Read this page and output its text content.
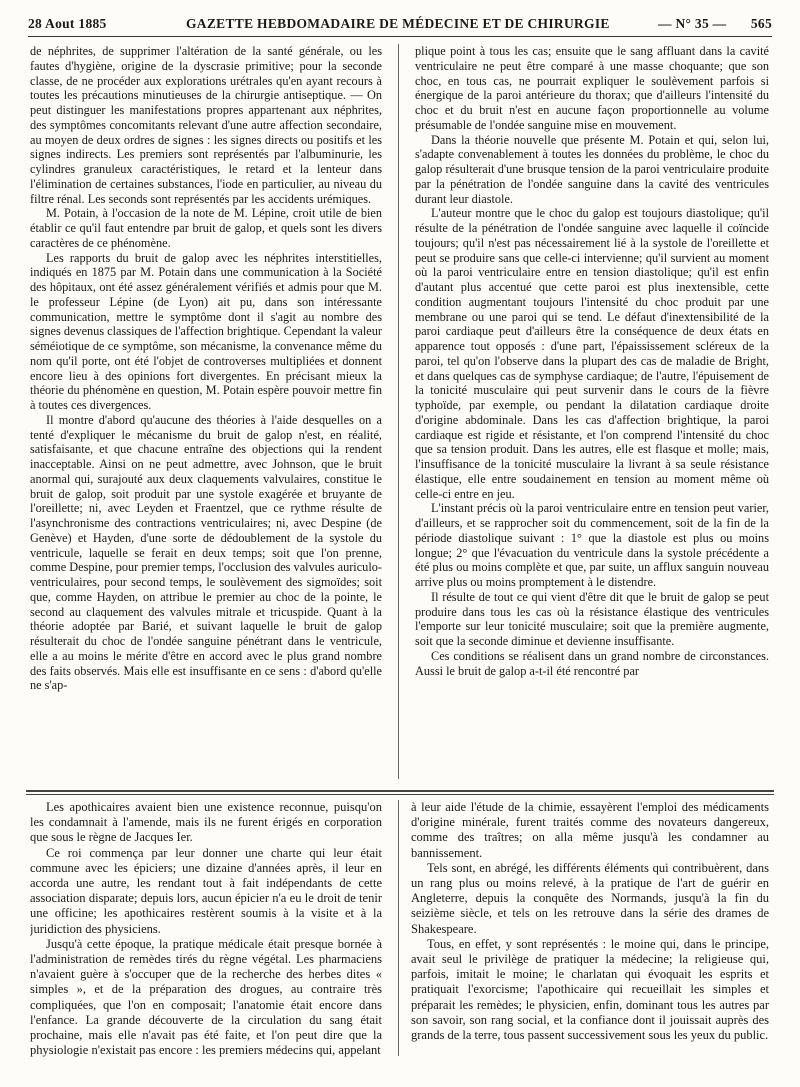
28 Aout 1885	GAZETTE HEBDOMADAIRE DE MÉDECINE ET DE CHIRURGIE	— N° 35 — 565

de néphrites, de supprimer l'altération de la santé générale, ou les fautes d'hygiène, origine de la dyscrasie primitive; pour la seconde classe, de ne procéder aux explorations urétrales qu'en ayant recours à toutes les précautions minutieuses de la chirurgie antiseptique. — On peut distinguer les manifestations propres appartenant aux néphrites, des symptômes concomitants relevant d'une autre affection secondaire, au moyen de deux ordres de signes : les signes directs ou positifs et les signes indirects. Les premiers sont représentés par l'albuminurie, les cylindres granuleux caractéristiques, le retard et la lenteur dans l'élimination de certaines substances, l'iode en particulier, au niveau du filtre rénal. Les seconds sont représentés par les accidents urémiques.

M. Potain, à l'occasion de la note de M. Lépine, croit utile de bien établir ce qu'il faut entendre par bruit de galop, et quels sont les divers caractères de ce phénomène.

Les rapports du bruit de galop avec les néphrites interstitielles, indiqués en 1875 par M. Potain dans une communication à la Société des hôpitaux, ont été assez généralement vérifiés et admis pour que M. le professeur Lépine (de Lyon) ait pu, dans son intéressante communication, mettre le symptôme dont il s'agit au nombre des signes devenus classiques de l'affection brightique. Cependant la valeur séméiotique de ce symptôme, son mécanisme, la convenance même du nom qu'il porte, ont été l'objet de controverses multipliées et donnent encore lieu à des opinions fort divergentes. En précisant mieux la théorie du phénomène en question, M. Potain espère pouvoir mettre fin à toutes ces divergences.

Il montre d'abord qu'aucune des théories à l'aide desquelles on a tenté d'expliquer le mécanisme du bruit de galop n'est, en réalité, satisfaisante, et que chacune entraîne des objections qui la rendent inacceptable. Ainsi on ne peut admettre, avec Johnson, que le bruit anormal qui, surajouté aux deux claquements valvulaires, constitue le bruit de galop, soit produit par une systole exagérée et bruyante de l'oreillette; ni, avec Leyden et Fraentzel, que ce rythme résulte de l'asynchronisme des contractions ventriculaires; ni, avec Despine (de Genève) et Hayden, d'une sorte de dédoublement de la systole du ventricule, laquelle se ferait en deux temps; soit que l'on prenne, comme Despine, pour premier temps, l'occlusion des valvules auriculo-ventriculaires, pour second temps, le soulèvement des sigmoïdes; soit que, comme Hayden, on attribue le premier au choc de la pointe, le second au claquement des valvules mitrale et tricuspide. Quant à la théorie adoptée par Barié, et suivant laquelle le bruit de galop résulterait du choc de l'ondée sanguine pénétrant dans le ventricule, elle a au moins le mérite d'être en accord avec le plus grand nombre des faits observés. Mais elle est insuffisante en ce sens : d'abord qu'elle ne s'ap-

plique point à tous les cas; ensuite que le sang affluant dans la cavité ventriculaire ne peut être comparé à une masse choquante; que son choc, en tous cas, ne pourrait expliquer le soulèvement parfois si énergique de la paroi antérieure du thorax; que d'ailleurs l'intensité du choc et du bruit n'est en aucune façon proportionnelle au volume présumable de l'ondée sanguine mise en mouvement.

Dans la théorie nouvelle que présente M. Potain et qui, selon lui, s'adapte convenablement à toutes les données du problème, le choc du galop résulterait d'une brusque tension de la paroi ventriculaire produite par la pénétration de l'ondée sanguine dans la cavité des ventricules durant leur diastole.

L'auteur montre que le choc du galop est toujours diastolique; qu'il résulte de la pénétration de l'ondée sanguine avec laquelle il coïncide toujours; qu'il n'est pas nécessairement lié à la systole de l'oreillette et peut se produire sans que celle-ci intervienne; qu'il survient au moment où la paroi ventriculaire entre en tension diastolique; qu'il est enfin d'autant plus accentué que cette paroi est plus inextensible, cette condition augmentant toujours l'intensité du choc produit par une membrane ou une paroi qui se tend. Le défaut d'inextensibilité de la paroi cardiaque peut d'ailleurs être la conséquence de deux états en apparence tout opposés : d'une part, l'épaississement scléreux de la paroi, tel qu'on l'observe dans la plupart des cas de maladie de Bright, et dans quelques cas de symphyse cardiaque; de l'autre, l'épuisement de la tonicité musculaire qui peut survenir dans le cours de la fièvre typhoïde, par exemple, ou pendant la dilatation cardiaque droite d'origine abdominale. Dans les cas d'affection brightique, la paroi cardiaque est rigide et résistante, et l'on comprend l'intensité du choc que sa tension produit. Dans les autres, elle est flasque et molle; mais, l'insuffisance de la tonicité musculaire la livrant à sa seule résistance élastique, elle entre soudainement en tension au moment même où celle-ci entre en jeu.

L'instant précis où la paroi ventriculaire entre en tension peut varier, d'ailleurs, et se rapprocher soit du commencement, soit de la fin de la période diastolique suivant : 1° que la diastole est plus ou moins longue; 2° que l'évacuation du ventricule dans la systole précédente a été plus ou moins complète et que, par suite, un afflux sanguin nouveau arrive plus ou moins promptement à le distendre.

Il résulte de tout ce qui vient d'être dit que le bruit de galop se peut produire dans tous les cas où la résistance élastique des ventricules l'emporte sur leur tonicité musculaire; soit que la première augmente, soit que la seconde diminue et devienne insuffisante.

Ces conditions se réalisent dans un grand nombre de circonstances. Aussi le bruit de galop a-t-il été rencontré par

Les apothicaires avaient bien une existence reconnue, puisqu'on les condamnait à l'amende, mais ils ne furent érigés en corporation que sous le règne de Jacques Ier.

Ce roi commença par leur donner une charte qui leur était commune avec les épiciers; une dizaine d'années après, il leur en accorda une autre, les rendant tout à fait indépendants de cette association disparate; depuis lors, aucun épicier n'a eu le droit de tenir une officine; les apothicaires restèrent soumis à la visite et à la juridiction des physiciens.

Jusqu'à cette époque, la pratique médicale était presque bornée à l'administration de remèdes tirés du règne végétal. Les pharmaciens n'avaient guère à s'occuper que de la recherche des herbes dites « simples », et de la préparation des drogues, au contraire très compliquées, que l'on en composait; l'anatomie était encore dans l'enfance. La grande découverte de la circulation du sang était prochaine, mais elle n'avait pas été faite, et l'on peut dire que la physiologie n'existait pas encore : les premiers médecins qui, appelant

à leur aide l'étude de la chimie, essayèrent l'emploi des médicaments d'origine minérale, furent traités comme des novateurs dangereux, comme des traîtres; on alla même jusqu'à les condamner au bannissement.

Tels sont, en abrégé, les différents éléments qui contribuèrent, dans un rang plus ou moins relevé, à la pratique de l'art de guérir en Angleterre, depuis la conquête des Normands, jusqu'à la fin du seizième siècle, et tels on les retrouve dans la série des drames de Shakespeare.

Tous, en effet, y sont représentés : le moine qui, dans le principe, avait seul le privilège de pratiquer la médecine; la religieuse qui, parfois, imitait le moine; le charlatan qui évoquait les esprits et pratiquait l'exorcisme; l'apothicaire qui recueillait les simples et préparait les remèdes; le physicien, enfin, dominant tous les autres par son savoir, son rang social, et la confiance dont il jouissait auprès des grands de la terre, tous passent successivement sous les yeux du public.
